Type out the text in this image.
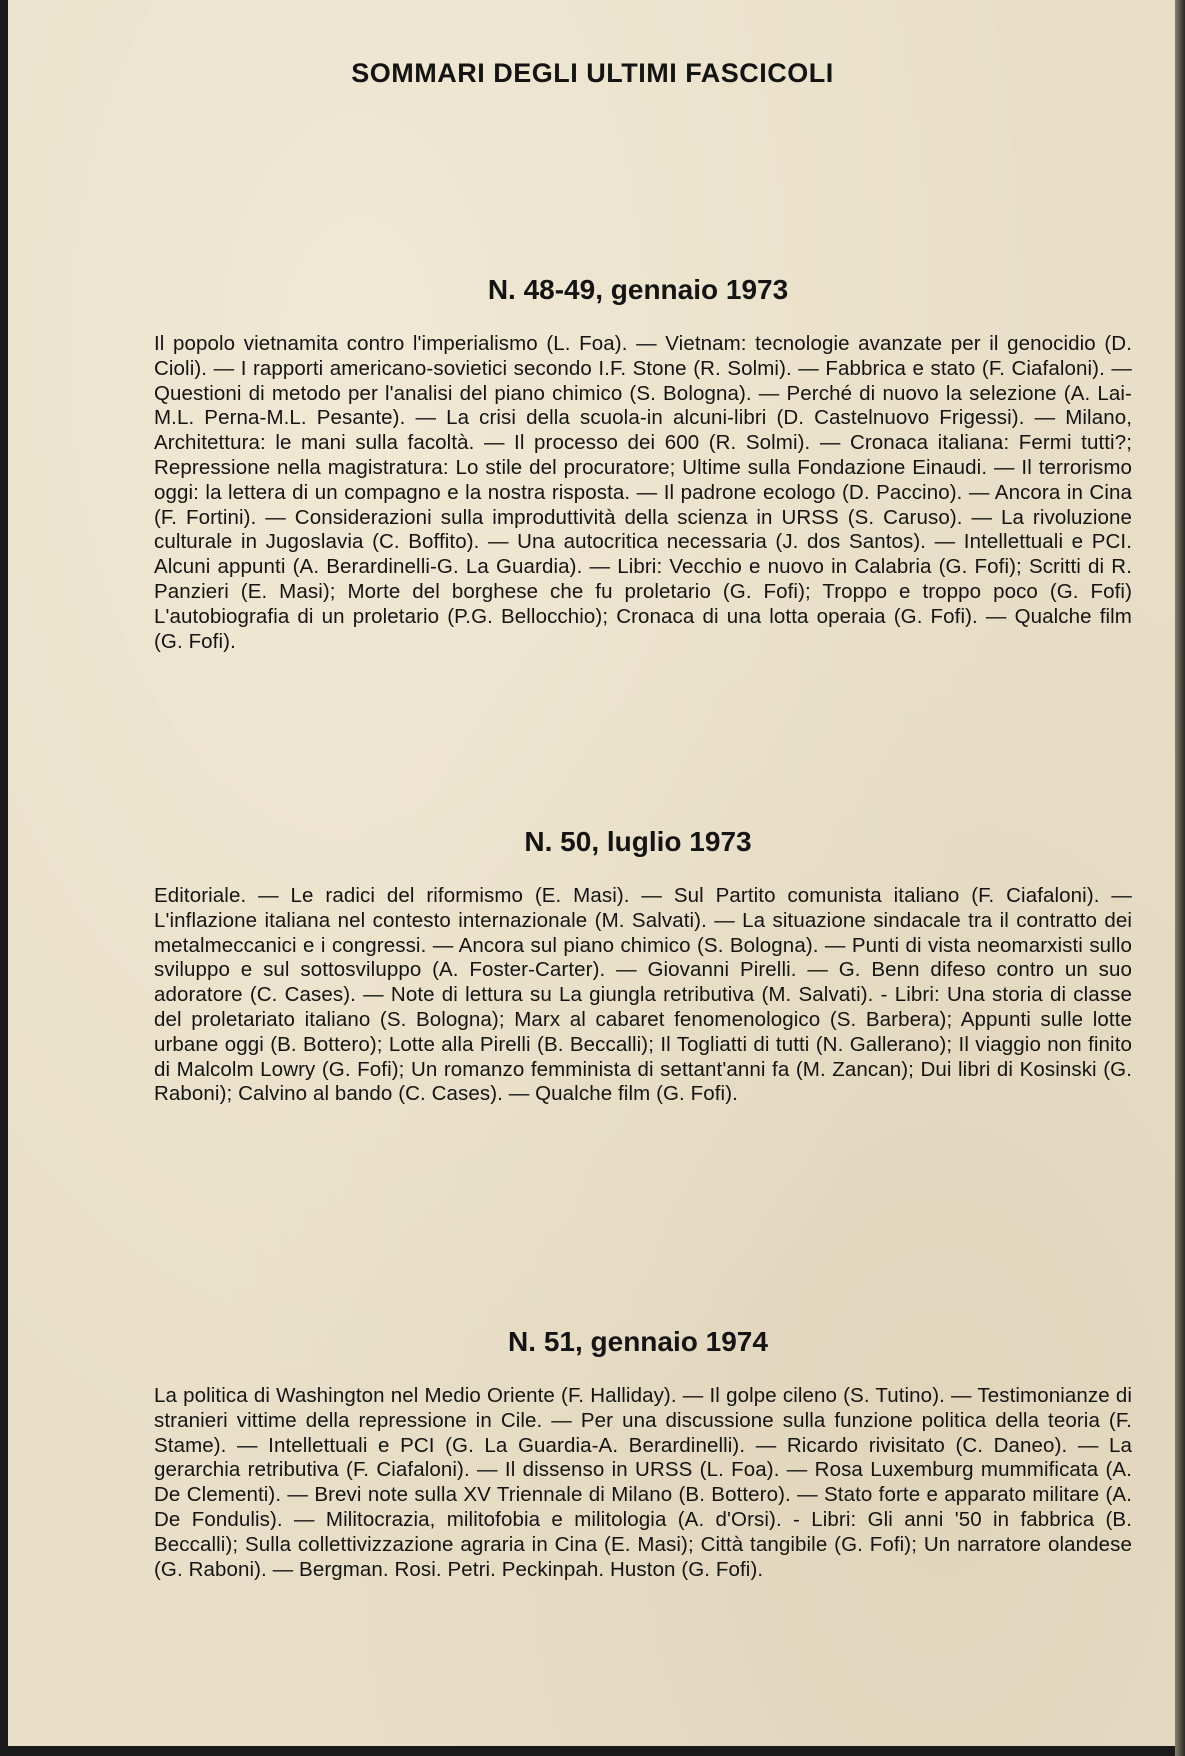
SOMMARI DEGLI ULTIMI FASCICOLI
N. 48-49, gennaio 1973

Il popolo vietnamita contro l'imperialismo (L. Foa). — Vietnam: tecnologie avanzate per il genocidio (D. Cioli). — I rapporti americano-sovietici secondo I.F. Stone (R. Solmi). — Fabbrica e stato (F. Ciafaloni). — Questioni di metodo per l'analisi del piano chimico (S. Bologna). — Perché di nuovo la selezione (A. Lai-M.L. Perna-M.L. Pesante). — La crisi della scuola-in alcuni-libri (D. Castelnuovo Frigessi). — Milano, Architettura: le mani sulla facoltà. — Il processo dei 600 (R. Solmi). — Cronaca italiana: Fermi tutti?; Repressione nella magistratura: Lo stile del procuratore; Ultime sulla Fondazione Einaudi. — Il terrorismo oggi: la lettera di un compagno e la nostra risposta. — Il padrone ecologo (D. Paccino). — Ancora in Cina (F. Fortini). — Considerazioni sulla improduttività della scienza in URSS (S. Caruso). — La rivoluzione culturale in Jugoslavia (C. Boffito). — Una autocritica necessaria (J. dos Santos). — Intellettuali e PCI. Alcuni appunti (A. Berardinelli-G. La Guardia). — Libri: Vecchio e nuovo in Calabria (G. Fofi); Scritti di R. Panzieri (E. Masi); Morte del borghese che fu proletario (G. Fofi); Troppo e troppo poco (G. Fofi) L'autobiografia di un proletario (P.G. Bellocchio); Cronaca di una lotta operaia (G. Fofi). — Qualche film (G. Fofi).

N. 50, luglio 1973

Editoriale. — Le radici del riformismo (E. Masi). — Sul Partito comunista italiano (F. Ciafaloni). — L'inflazione italiana nel contesto internazionale (M. Salvati). — La situazione sindacale tra il contratto dei metalmeccanici e i congressi. — Ancora sul piano chimico (S. Bologna). — Punti di vista neomarxisti sullo sviluppo e sul sottosviluppo (A. Foster-Carter). — Giovanni Pirelli. — G. Benn difeso contro un suo adoratore (C. Cases). — Note di lettura su La giungla retributiva (M. Salvati). - Libri: Una storia di classe del proletariato italiano (S. Bologna); Marx al cabaret fenomenologico (S. Barbera); Appunti sulle lotte urbane oggi (B. Bottero); Lotte alla Pirelli (B. Beccalli); Il Togliatti di tutti (N. Gallerano); Il viaggio non finito di Malcolm Lowry (G. Fofi); Un romanzo femminista di settant'anni fa (M. Zancan); Dui libri di Kosinski (G. Raboni); Calvino al bando (C. Cases). — Qualche film (G. Fofi).

N. 51, gennaio 1974

La politica di Washington nel Medio Oriente (F. Halliday). — Il golpe cileno (S. Tutino). — Testimonianze di stranieri vittime della repressione in Cile. — Per una discussione sulla funzione politica della teoria (F. Stame). — Intellettuali e PCI (G. La Guardia-A. Berardinelli). — Ricardo rivisitato (C. Daneo). — La gerarchia retributiva (F. Ciafaloni). — Il dissenso in URSS (L. Foa). — Rosa Luxemburg mummificata (A. De Clementi). — Brevi note sulla XV Triennale di Milano (B. Bottero). — Stato forte e apparato militare (A. De Fondulis). — Militocrazia, militofobia e militologia (A. d'Orsi). - Libri: Gli anni '50 in fabbrica (B. Beccalli); Sulla collettivizzazione agraria in Cina (E. Masi); Città tangibile (G. Fofi); Un narratore olandese (G. Raboni). — Bergman. Rosi. Petri. Peckinpah. Huston (G. Fofi).
